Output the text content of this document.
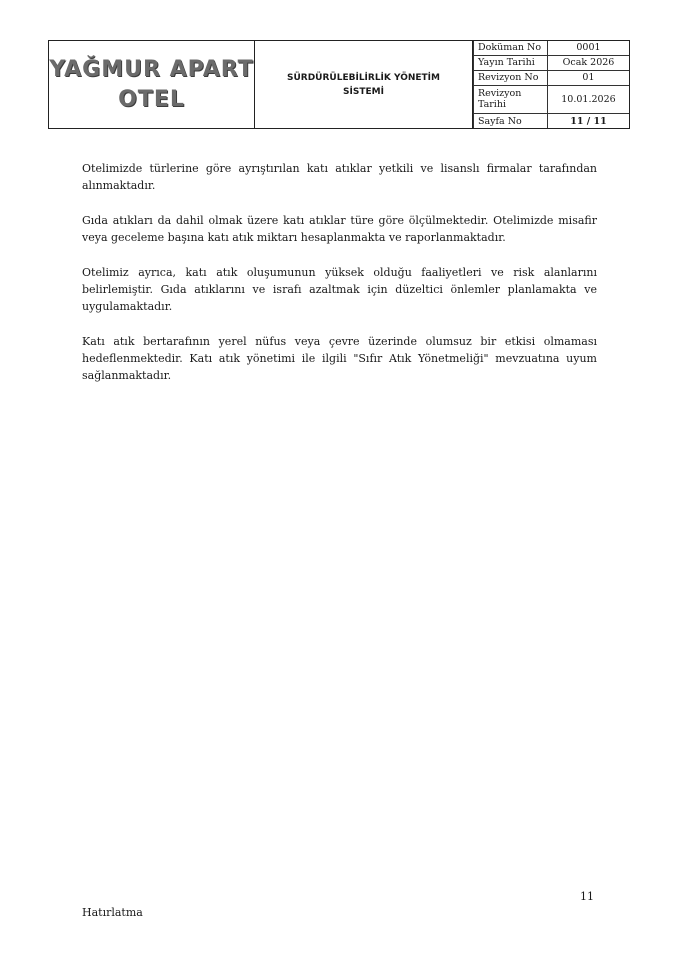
YAĞMUR APART
OTEL
SÜRDÜRÜLEBİLİRLİK YÖNETİM
SİSTEMİ
Doküman No	0001
Yayın Tarihi	Ocak 2026
Revizyon No	01
Revizyon Tarihi	10.01.2026
Sayfa No	11 / 11

Otelimizde türlerine göre ayrıştırılan katı atıklar yetkili ve lisanslı firmalar tarafından alınmaktadır.

Gıda atıkları da dahil olmak üzere katı atıklar türe göre ölçülmektedir. Otelimizde misafir veya geceleme başına katı atık miktarı hesaplanmakta ve raporlanmaktadır.

Otelimiz ayrıca, katı atık oluşumunun yüksek olduğu faaliyetleri ve risk alanlarını belirlemiştir. Gıda atıklarını ve israfı azaltmak için düzeltici önlemler planlamakta ve uygulamaktadır.

Katı atık bertarafının yerel nüfus veya çevre üzerinde olumsuz bir etkisi olmaması hedeflenmektedir. Katı atık yönetimi ile ilgili "Sıfır Atık Yönetmeliği" mevzuatına uyum sağlanmaktadır.

11
Hatırlatma
